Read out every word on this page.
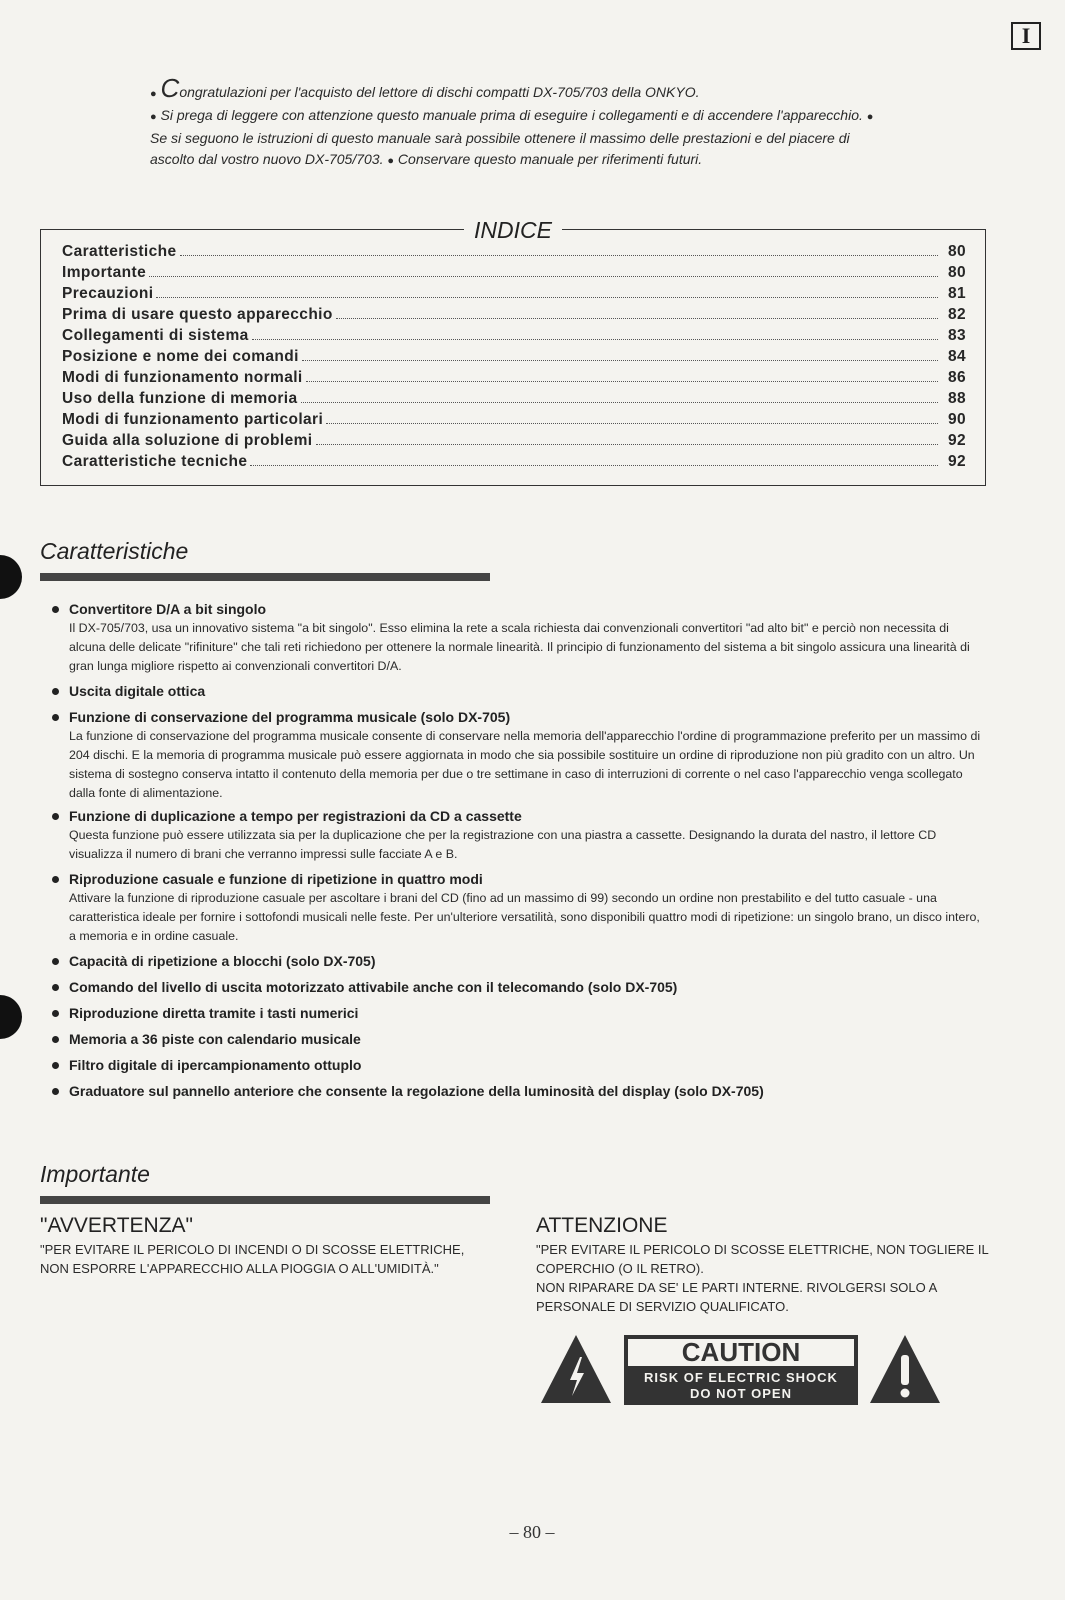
I
● Congratulazioni per l'acquisto del lettore di dischi compatti DX-705/703 della ONKYO.
● Si prega di leggere con attenzione questo manuale prima di eseguire i collegamenti e di accendere l'apparecchio. ● Se si seguono le istruzioni di questo manuale sarà possibile ottenere il massimo delle prestazioni e del piacere di ascolto dal vostro nuovo DX-705/703. ● Conservare questo manuale per riferimenti futuri.
INDICE
Caratteristiche	80
Importante	80
Precauzioni	81
Prima di usare questo apparecchio	82
Collegamenti di sistema	83
Posizione e nome dei comandi	84
Modi di funzionamento normali	86
Uso della funzione di memoria	88
Modi di funzionamento particolari	90
Guida alla soluzione di problemi	92
Caratteristiche tecniche	92
Caratteristiche
Convertitore D/A a bit singolo
Il DX-705/703, usa un innovativo sistema "a bit singolo". Esso elimina la rete a scala richiesta dai convenzionali convertitori "ad alto bit" e perciò non necessita di alcuna delle delicate "rifiniture" che tali reti richiedono per ottenere la normale linearità. Il principio di funzionamento del sistema a bit singolo assicura una linearità di gran lunga migliore rispetto ai convenzionali convertitori D/A.
Uscita digitale ottica
Funzione di conservazione del programma musicale (solo DX-705)
La funzione di conservazione del programma musicale consente di conservare nella memoria dell'apparecchio l'ordine di programmazione preferito per un massimo di 204 dischi. E la memoria di programma musicale può essere aggiornata in modo che sia possibile sostituire un ordine di riproduzione non più gradito con un altro. Un sistema di sostegno conserva intatto il contenuto della memoria per due o tre settimane in caso di interruzioni di corrente o nel caso l'apparecchio venga scollegato dalla fonte di alimentazione.
Funzione di duplicazione a tempo per registrazioni da CD a cassette
Questa funzione può essere utilizzata sia per la duplicazione che per la registrazione con una piastra a cassette. Designando la durata del nastro, il lettore CD visualizza il numero di brani che verranno impressi sulle facciate A e B.
Riproduzione casuale e funzione di ripetizione in quattro modi
Attivare la funzione di riproduzione casuale per ascoltare i brani del CD (fino ad un massimo di 99) secondo un ordine non prestabilito e del tutto casuale - una caratteristica ideale per fornire i sottofondi musicali nelle feste. Per un'ulteriore versatilità, sono disponibili quattro modi di ripetizione: un singolo brano, un disco intero, a memoria e in ordine casuale.
Capacità di ripetizione a blocchi (solo DX-705)
Comando del livello di uscita motorizzato attivabile anche con il telecomando (solo DX-705)
Riproduzione diretta tramite i tasti numerici
Memoria a 36 piste con calendario musicale
Filtro digitale di ipercampionamento ottuplo
Graduatore sul pannello anteriore che consente la regolazione della luminosità del display (solo DX-705)
Importante
"AVVERTENZA"
"PER EVITARE IL PERICOLO DI INCENDI O DI SCOSSE ELETTRICHE, NON ESPORRE L'APPARECCHIO ALLA PIOGGIA O ALL'UMIDITÀ."
ATTENZIONE
"PER EVITARE IL PERICOLO DI SCOSSE ELETTRICHE, NON TOGLIERE IL COPERCHIO (O IL RETRO).
NON RIPARARE DA SE' LE PARTI INTERNE. RIVOLGERSI SOLO A PERSONALE DI SERVIZIO QUALIFICATO.
CAUTION
RISK OF ELECTRIC SHOCK
DO NOT OPEN
– 80 –
